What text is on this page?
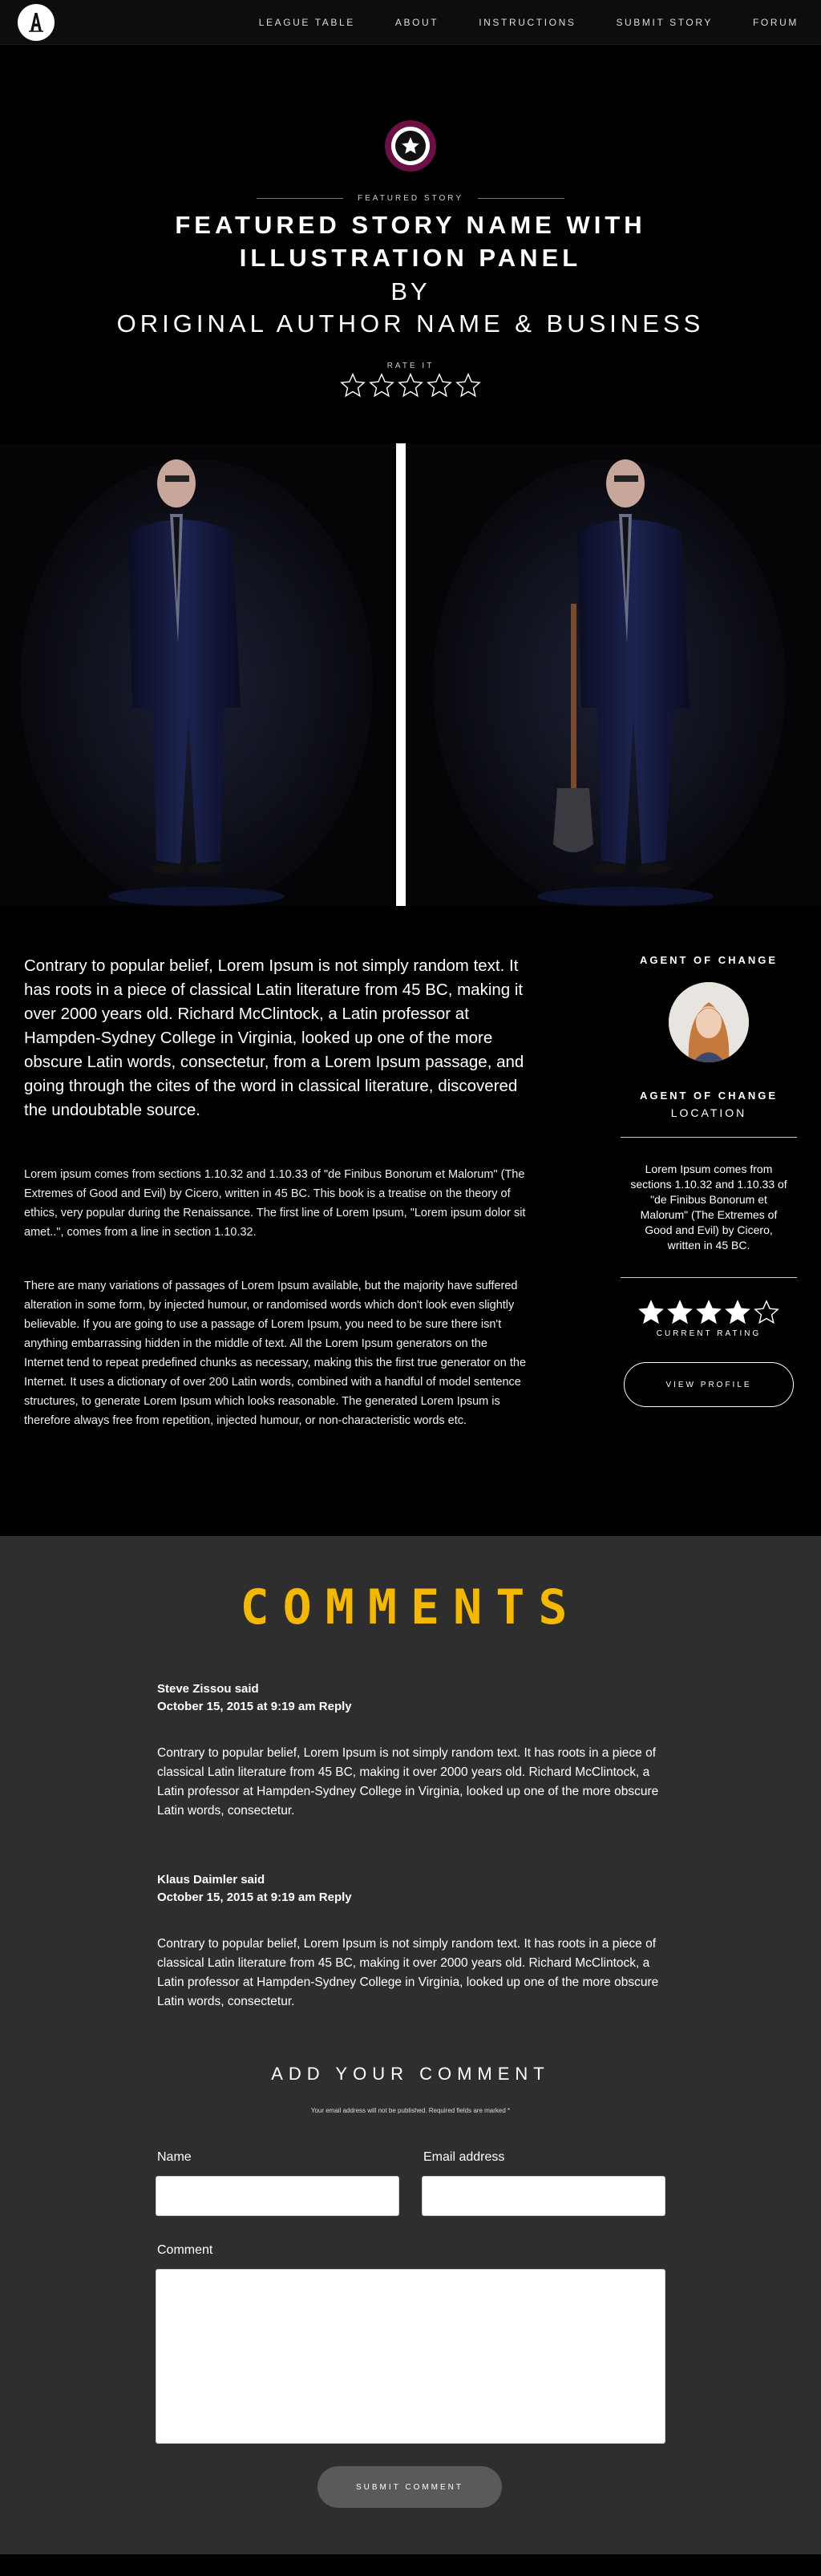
LEAGUE TABLE	ABOUT	INSTRUCTIONS	SUBMIT STORY	FORUM
FEATURED STORY
FEATURED STORY NAME WITH
ILLUSTRATION PANEL
BY
ORIGINAL AUTHOR NAME & BUSINESS
RATE IT
Contrary to popular belief, Lorem Ipsum is not simply random text. It has roots in a piece of classical Latin literature from 45 BC, making it over 2000 years old. Richard McClintock, a Latin professor at Hampden-Sydney College in Virginia, looked up one of the more obscure Latin words, consectetur, from a Lorem Ipsum passage, and going through the cites of the word in classical literature, discovered the undoubtable source.
Lorem ipsum comes from sections 1.10.32 and 1.10.33 of "de Finibus Bonorum et Malorum" (The Extremes of Good and Evil) by Cicero, written in 45 BC. This book is a treatise on the theory of ethics, very popular during the Renaissance. The first line of Lorem Ipsum, "Lorem ipsum dolor sit amet..", comes from a line in section 1.10.32.
There are many variations of passages of Lorem Ipsum available, but the majority have suffered alteration in some form, by injected humour, or randomised words which don't look even slightly believable. If you are going to use a passage of Lorem Ipsum, you need to be sure there isn't anything embarrassing hidden in the middle of text. All the Lorem Ipsum generators on the Internet tend to repeat predefined chunks as necessary, making this the first true generator on the Internet. It uses a dictionary of over 200 Latin words, combined with a handful of model sentence structures, to generate Lorem Ipsum which looks reasonable. The generated Lorem Ipsum is therefore always free from repetition, injected humour, or non-characteristic words etc.
AGENT OF CHANGE
AGENT OF CHANGE
LOCATION
Lorem Ipsum comes from sections 1.10.32 and 1.10.33 of "de Finibus Bonorum et Malorum" (The Extremes of Good and Evil) by Cicero, written in 45 BC.
CURRENT RATING
VIEW PROFILE
COMMENTS
Steve Zissou said
October 15, 2015 at 9:19 am Reply
Contrary to popular belief, Lorem Ipsum is not simply random text. It has roots in a piece of classical Latin literature from 45 BC, making it over 2000 years old. Richard McClintock, a Latin professor at Hampden-Sydney College in Virginia, looked up one of the more obscure Latin words, consectetur.
Klaus Daimler said
October 15, 2015 at 9:19 am Reply
Contrary to popular belief, Lorem Ipsum is not simply random text. It has roots in a piece of classical Latin literature from 45 BC, making it over 2000 years old. Richard McClintock, a Latin professor at Hampden-Sydney College in Virginia, looked up one of the more obscure Latin words, consectetur.
ADD YOUR COMMENT
Your email address will not be published. Required fields are marked *
Name	Email address
Comment
SUBMIT COMMENT
